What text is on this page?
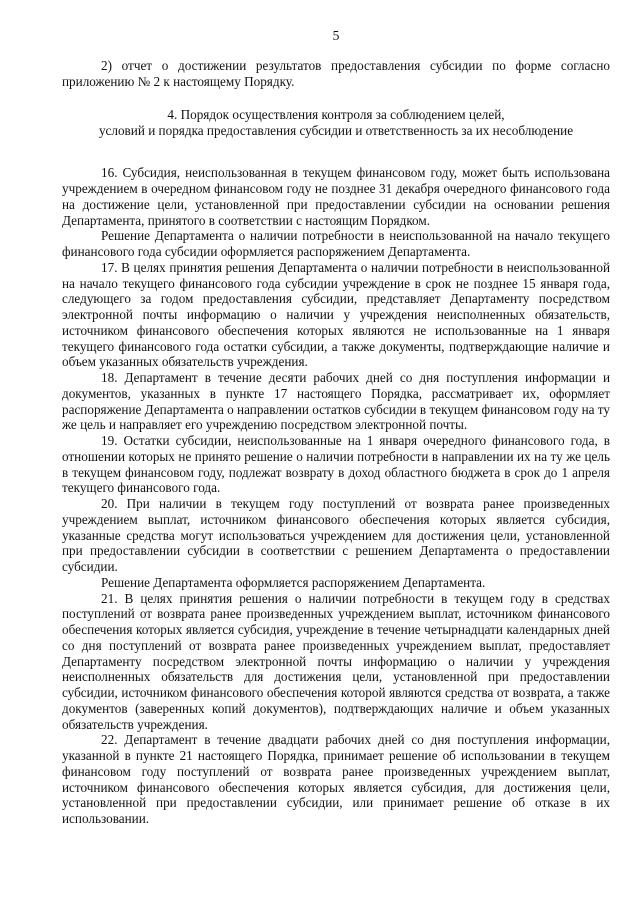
5

2) отчет о достижении результатов предоставления субсидии по форме согласно приложению № 2 к настоящему Порядку.

4. Порядок осуществления контроля за соблюдением целей,
условий и порядка предоставления субсидии и ответственность за их несоблюдение

16. Субсидия, неиспользованная в текущем финансовом году, может быть использована учреждением в очередном финансовом году не позднее 31 декабря очередного финансового года на достижение цели, установленной при предоставлении субсидии на основании решения Департамента, принятого в соответствии с настоящим Порядком.

Решение Департамента о наличии потребности в неиспользованной на начало текущего финансового года субсидии оформляется распоряжением Департамента.

17. В целях принятия решения Департамента о наличии потребности в неиспользованной на начало текущего финансового года субсидии учреждение в срок не позднее 15 января года, следующего за годом предоставления субсидии, представляет Департаменту посредством электронной почты информацию о наличии у учреждения неисполненных обязательств, источником финансового обеспечения которых являются не использованные на 1 января текущего финансового года остатки субсидии, а также документы, подтверждающие наличие и объем указанных обязательств учреждения.

18. Департамент в течение десяти рабочих дней со дня поступления информации и документов, указанных в пункте 17 настоящего Порядка, рассматривает их, оформляет распоряжение Департамента о направлении остатков субсидии в текущем финансовом году на ту же цель и направляет его учреждению посредством электронной почты.

19. Остатки субсидии, неиспользованные на 1 января очередного финансового года, в отношении которых не принято решение о наличии потребности в направлении их на ту же цель в текущем финансовом году, подлежат возврату в доход областного бюджета в срок до 1 апреля текущего финансового года.

20. При наличии в текущем году поступлений от возврата ранее произведенных учреждением выплат, источником финансового обеспечения которых является субсидия, указанные средства могут использоваться учреждением для достижения цели, установленной при предоставлении субсидии в соответствии с решением Департамента о предоставлении субсидии.

Решение Департамента оформляется распоряжением Департамента.

21. В целях принятия решения о наличии потребности в текущем году в средствах поступлений от возврата ранее произведенных учреждением выплат, источником финансового обеспечения которых является субсидия, учреждение в течение четырнадцати календарных дней со дня поступлений от возврата ранее произведенных учреждением выплат, предоставляет Департаменту посредством электронной почты информацию о наличии у учреждения неисполненных обязательств для достижения цели, установленной при предоставлении субсидии, источником финансового обеспечения которой являются средства от возврата, а также документов (заверенных копий документов), подтверждающих наличие и объем указанных обязательств учреждения.

22. Департамент в течение двадцати рабочих дней со дня поступления информации, указанной в пункте 21 настоящего Порядка, принимает решение об использовании в текущем финансовом году поступлений от возврата ранее произведенных учреждением выплат, источником финансового обеспечения которых является субсидия, для достижения цели, установленной при предоставлении субсидии, или принимает решение об отказе в их использовании.
